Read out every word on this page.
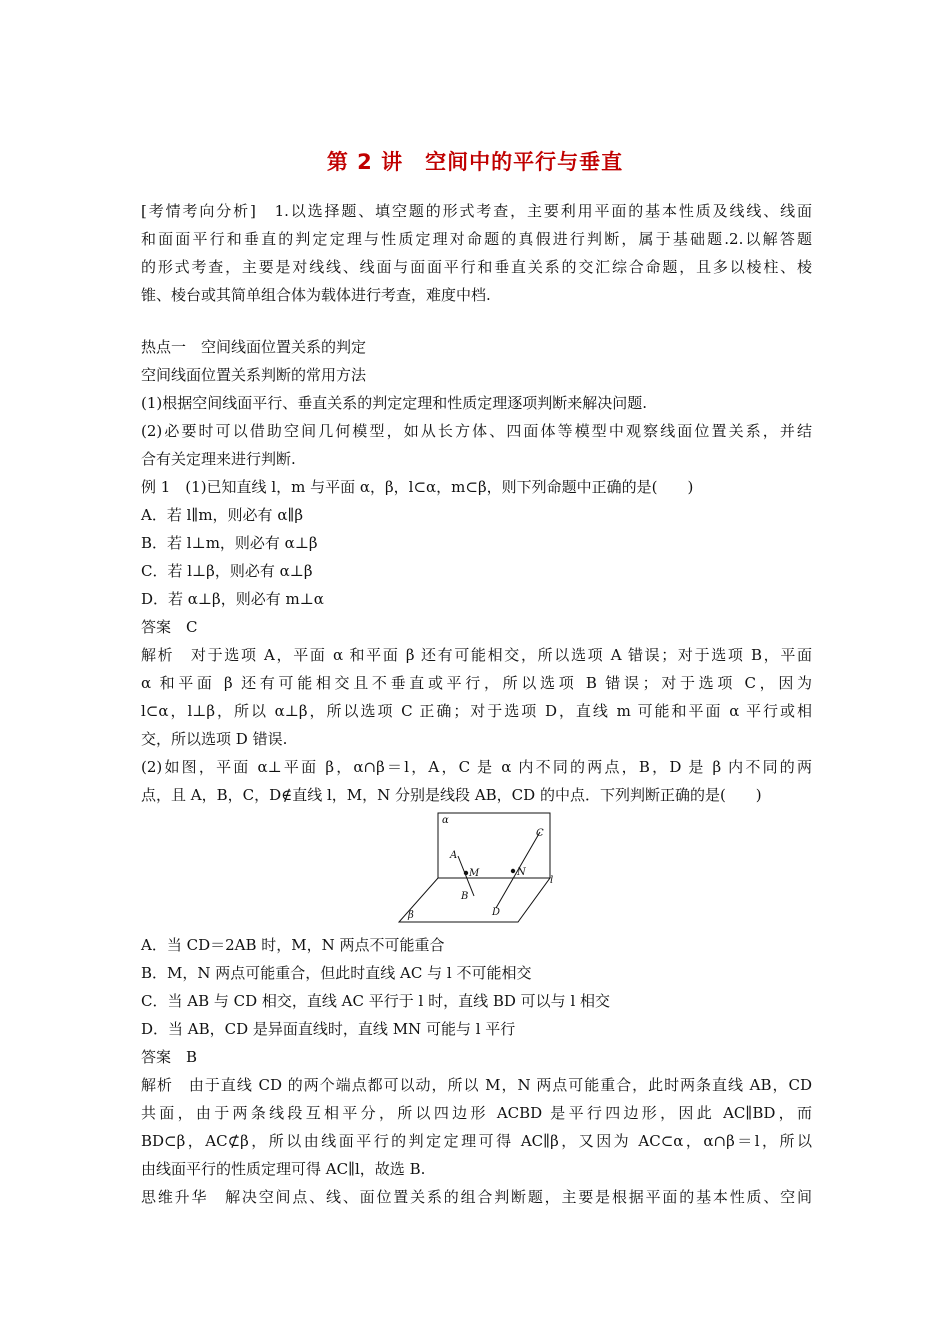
第 2 讲　空间中的平行与垂直
[考情考向分析]　1.以选择题、填空题的形式考查，主要利用平面的基本性质及线线、线面
和面面平行和垂直的判定定理与性质定理对命题的真假进行判断，属于基础题.2.以解答题
的形式考查，主要是对线线、线面与面面平行和垂直关系的交汇综合命题，且多以棱柱、棱
锥、棱台或其简单组合体为载体进行考查，难度中档.
热点一　空间线面位置关系的判定
空间线面位置关系判断的常用方法
(1)根据空间线面平行、垂直关系的判定定理和性质定理逐项判断来解决问题.
(2)必要时可以借助空间几何模型，如从长方体、四面体等模型中观察线面位置关系，并结
合有关定理来进行判断.
例 1　(1)已知直线 l，m 与平面 α，β，l⊂α，m⊂β，则下列命题中正确的是(　　)
A．若 l∥m，则必有 α∥β
B．若 l⊥m，则必有 α⊥β
C．若 l⊥β，则必有 α⊥β
D．若 α⊥β，则必有 m⊥α
答案　C
解析　对于选项 A，平面 α 和平面 β 还有可能相交，所以选项 A 错误；对于选项 B，平面
α 和平面 β 还有可能相交且不垂直或平行，所以选项 B 错误；对于选项 C，因为
l⊂α，l⊥β，所以 α⊥β，所以选项 C 正确；对于选项 D，直线 m 可能和平面 α 平行或相
交，所以选项 D 错误.
(2)如图，平面 α⊥平面 β，α∩β＝l，A，C 是 α 内不同的两点，B，D 是 β 内不同的两
点，且 A，B，C，D∉直线 l，M，N 分别是线段 AB，CD 的中点．下列判断正确的是(　　)
α
A
M
B
C
N
D
l
β
A．当 CD＝2AB 时，M，N 两点不可能重合
B．M，N 两点可能重合，但此时直线 AC 与 l 不可能相交
C．当 AB 与 CD 相交，直线 AC 平行于 l 时，直线 BD 可以与 l 相交
D．当 AB，CD 是异面直线时，直线 MN 可能与 l 平行
答案　B
解析　由于直线 CD 的两个端点都可以动，所以 M，N 两点可能重合，此时两条直线 AB，CD
共面，由于两条线段互相平分，所以四边形 ACBD 是平行四边形，因此 AC∥BD，而
BD⊂β，AC⊄β，所以由线面平行的判定定理可得 AC∥β，又因为 AC⊂α，α∩β＝l，所以
由线面平行的性质定理可得 AC∥l，故选 B.
思维升华　解决空间点、线、面位置关系的组合判断题，主要是根据平面的基本性质、空间
